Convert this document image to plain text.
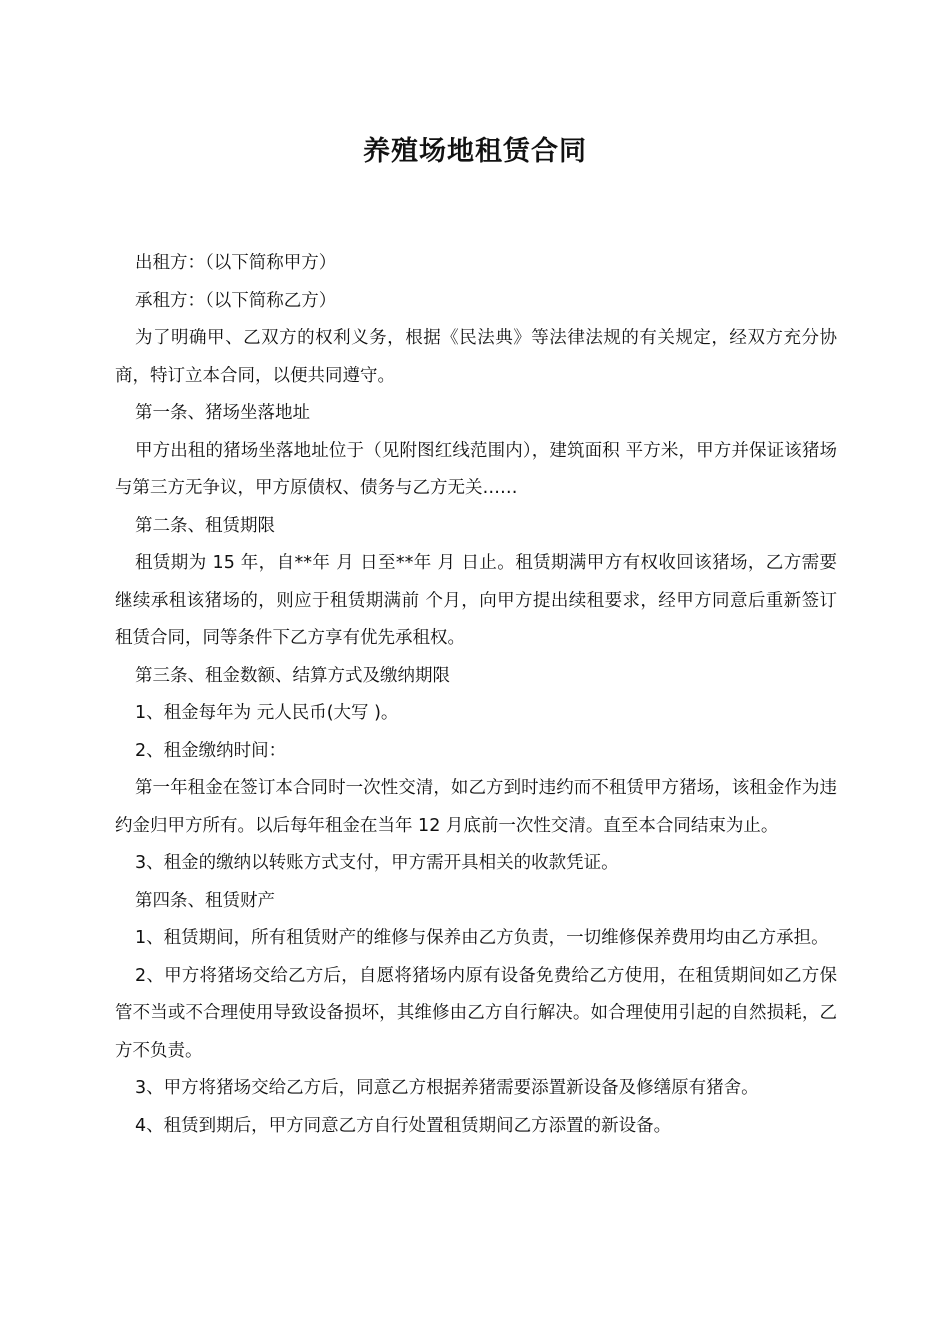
养殖场地租赁合同

出租方：（以下简称甲方）

承租方：（以下简称乙方）

为了明确甲、乙双方的权利义务，根据《民法典》等法律法规的有关规定，经双方充分协商，特订立本合同，以便共同遵守。

第一条、猪场坐落地址

甲方出租的猪场坐落地址位于（见附图红线范围内），建筑面积 平方米，甲方并保证该猪场与第三方无争议，甲方原债权、债务与乙方无关……

第二条、租赁期限

租赁期为 15 年，自**年 月 日至**年 月 日止。租赁期满甲方有权收回该猪场，乙方需要继续承租该猪场的，则应于租赁期满前 个月，向甲方提出续租要求，经甲方同意后重新签订租赁合同，同等条件下乙方享有优先承租权。

第三条、租金数额、结算方式及缴纳期限

1、租金每年为 元人民币(大写 )。

2、租金缴纳时间：

第一年租金在签订本合同时一次性交清，如乙方到时违约而不租赁甲方猪场，该租金作为违约金归甲方所有。以后每年租金在当年 12 月底前一次性交清。直至本合同结束为止。

3、租金的缴纳以转账方式支付，甲方需开具相关的收款凭证。

第四条、租赁财产

1、租赁期间，所有租赁财产的维修与保养由乙方负责，一切维修保养费用均由乙方承担。

2、甲方将猪场交给乙方后，自愿将猪场内原有设备免费给乙方使用，在租赁期间如乙方保管不当或不合理使用导致设备损坏，其维修由乙方自行解决。如合理使用引起的自然损耗，乙方不负责。

3、甲方将猪场交给乙方后，同意乙方根据养猪需要添置新设备及修缮原有猪舍。

4、租赁到期后，甲方同意乙方自行处置租赁期间乙方添置的新设备。
